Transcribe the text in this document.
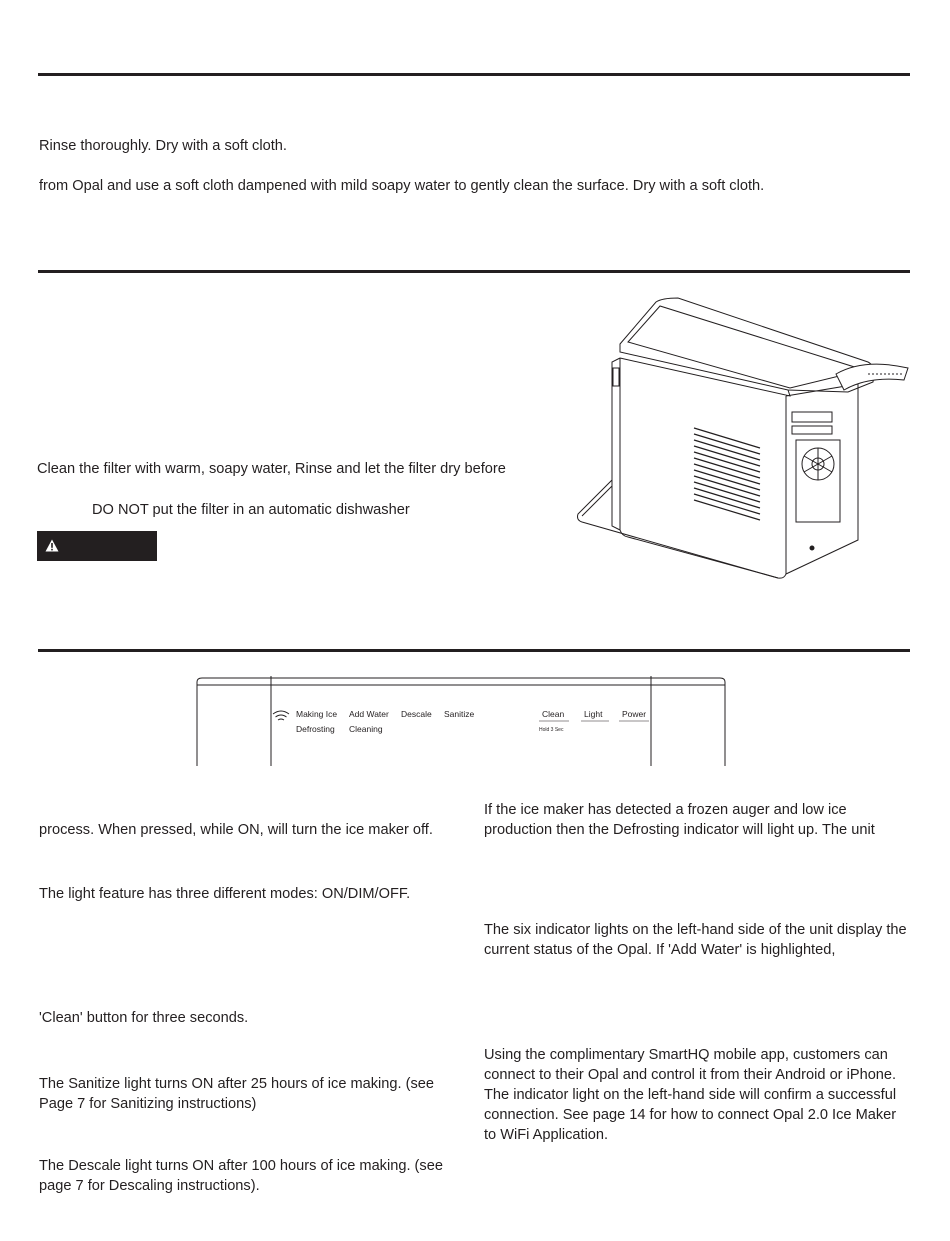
Rinse thoroughly. Dry with a soft cloth.
from Opal and use a soft cloth dampened with mild soapy water to gently clean the surface. Dry with a soft cloth.
Clean the filter with warm, soapy water, Rinse and let the filter dry before
DO NOT put the filter in an automatic dishwasher
Making Ice Add Water Descale Sanitize
Defrosting Cleaning
Clean
Hold 3 Sec
Light Power
process. When pressed, while ON, will turn the ice maker off.
The light feature has three different modes: ON/DIM/OFF.
'Clean' button for three seconds.
The Sanitize light turns ON after 25 hours of ice making. (see Page 7 for Sanitizing instructions)
The Descale light turns ON after 100 hours of ice making. (see page 7 for Descaling instructions).
If the ice maker has detected a frozen auger and low ice production then the Defrosting indicator will light up. The unit
The six indicator lights on the left-hand side of the unit display the current status of the Opal. If 'Add Water' is highlighted,
Using the complimentary SmartHQ mobile app, customers can connect to their Opal and control it from their Android or iPhone. The indicator light on the left-hand side will confirm a successful connection. See page 14 for how to connect Opal 2.0 Ice Maker to WiFi Application.
